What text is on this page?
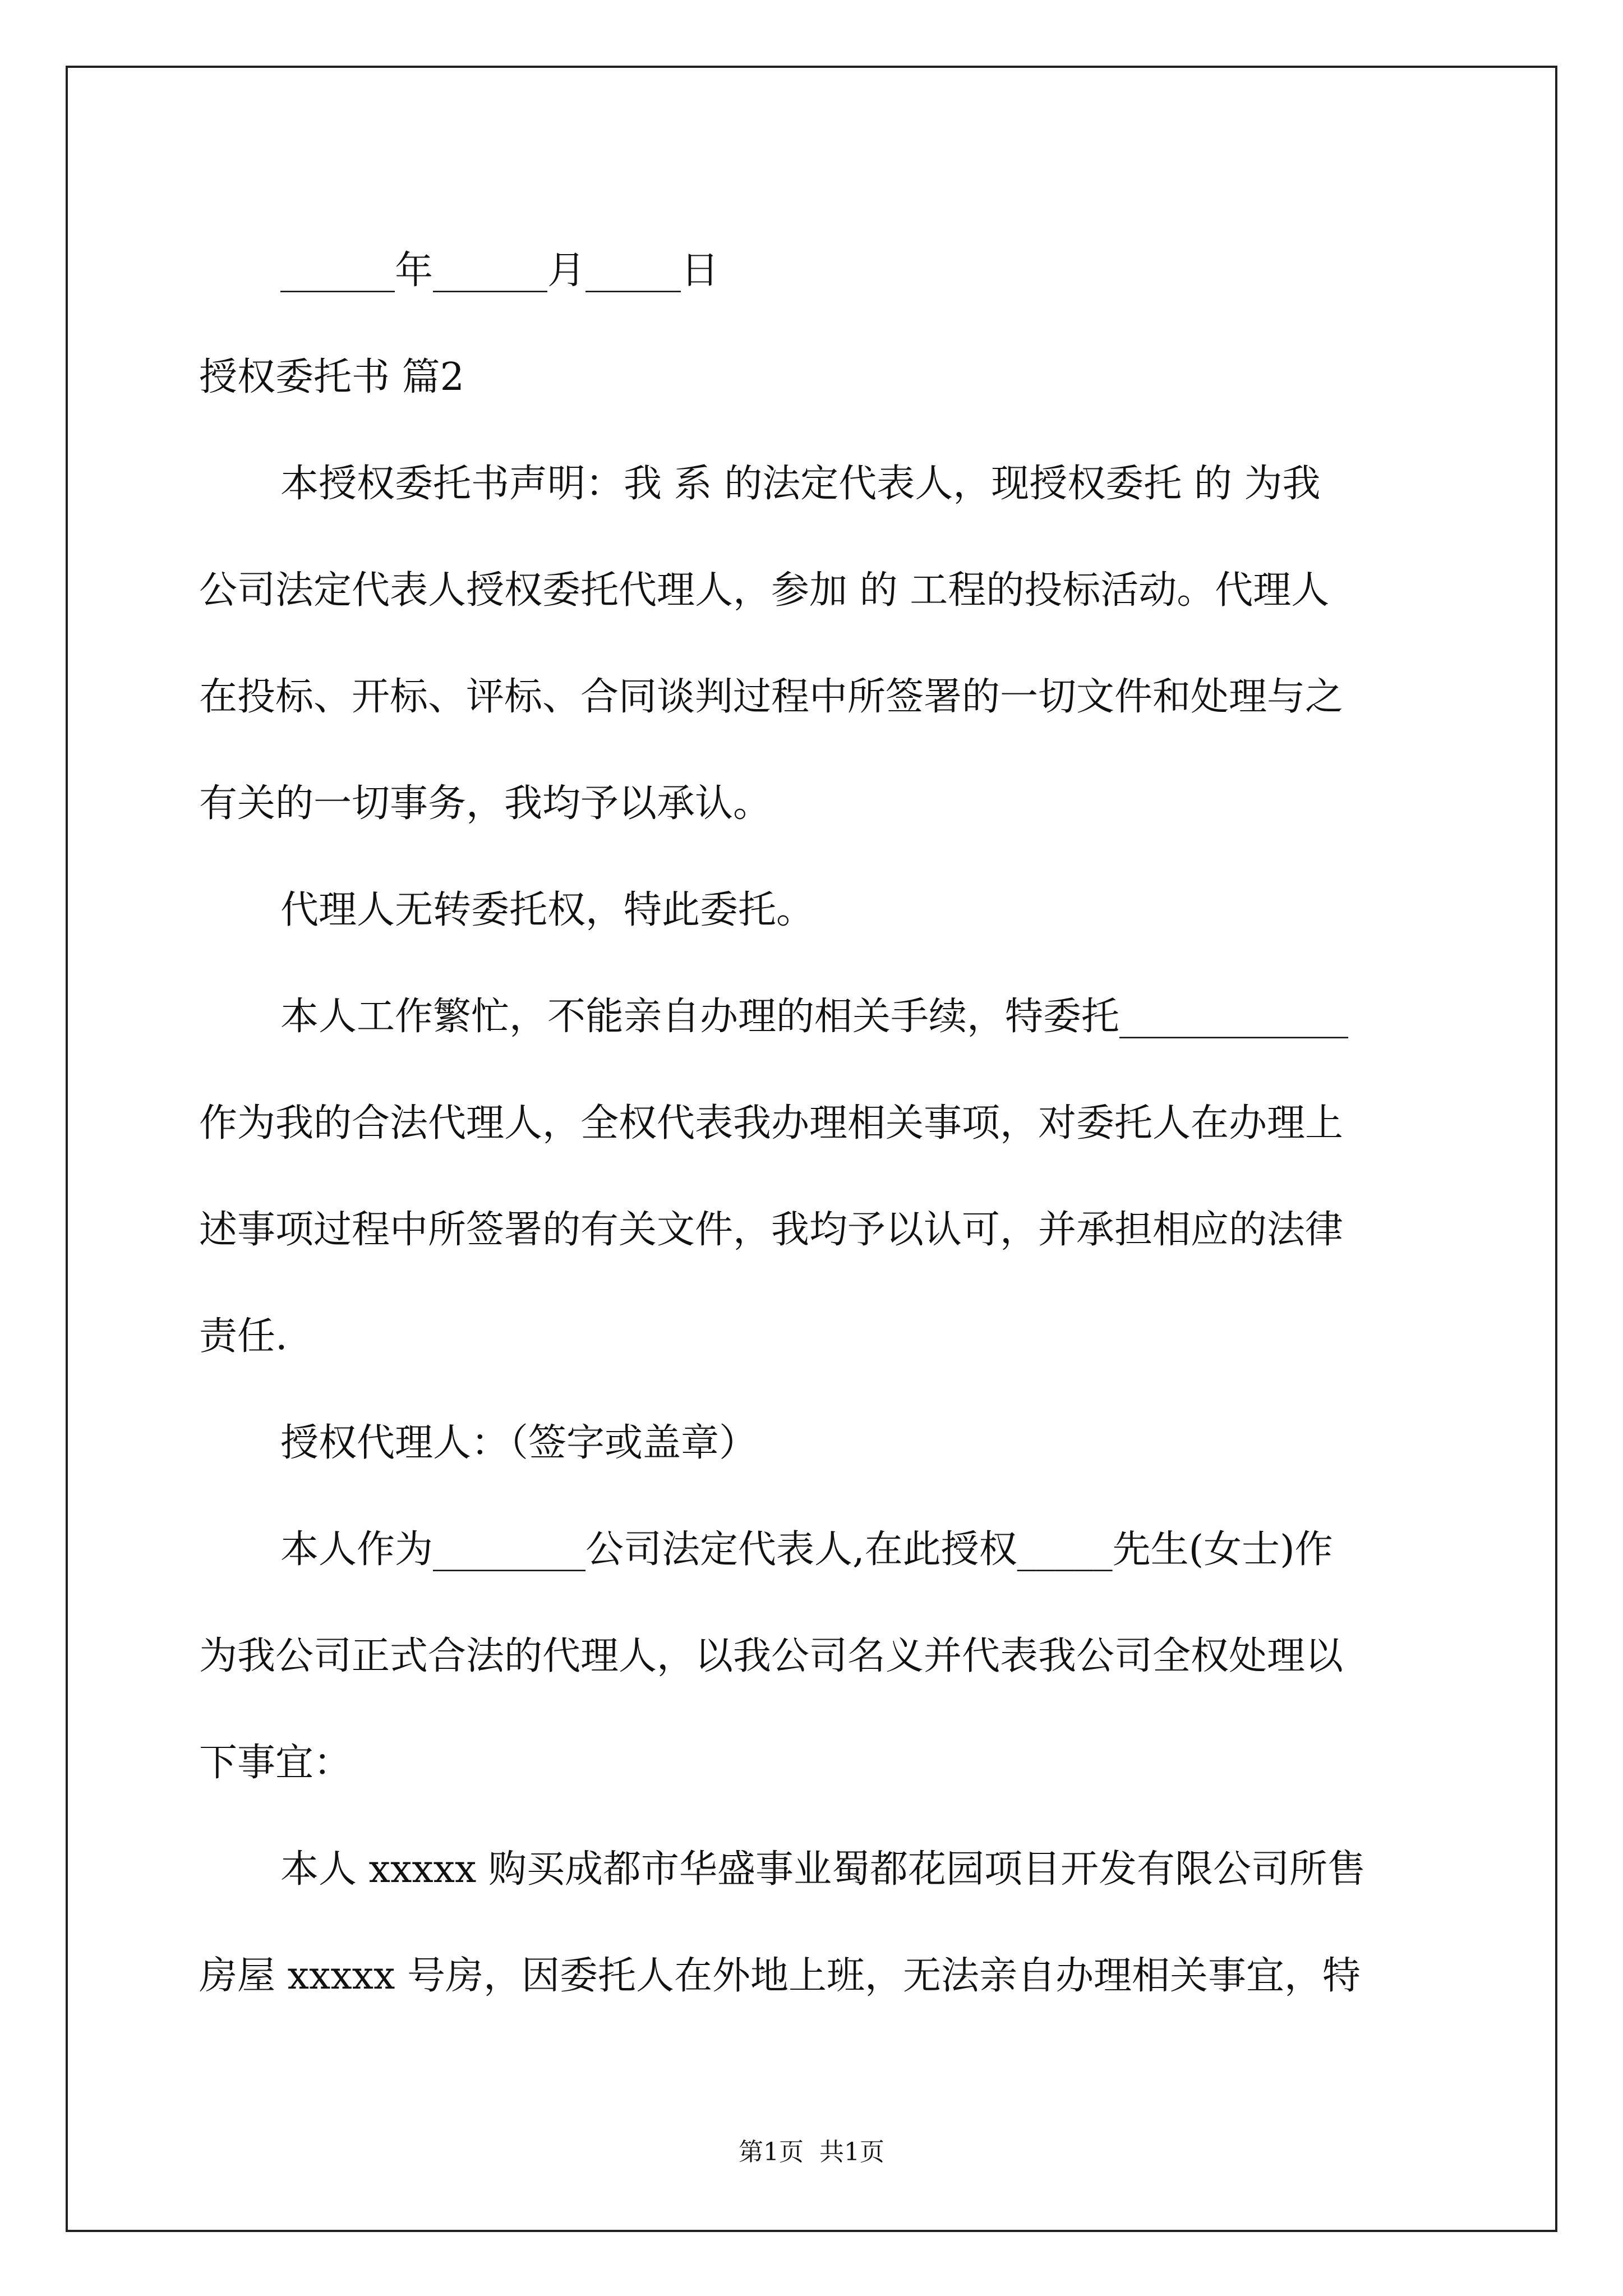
______年______月_____日
授权委托书 篇2
本授权委托书声明：我 系 的法定代表人，现授权委托 的 为我
公司法定代表人授权委托代理人，参加 的 工程的投标活动。代理人
在投标、开标、评标、合同谈判过程中所签署的一切文件和处理与之
有关的一切事务，我均予以承认。
代理人无转委托权，特此委托。
本人工作繁忙，不能亲自办理的相关手续，特委托____________
作为我的合法代理人，全权代表我办理相关事项，对委托人在办理上
述事项过程中所签署的有关文件，我均予以认可，并承担相应的法律
责任.
授权代理人：（签字或盖章）
本人作为________公司法定代表人,在此授权_____先生(女士)作
为我公司正式合法的代理人，以我公司名义并代表我公司全权处理以
下事宜：
本人 xxxxx 购买成都市华盛事业蜀都花园项目开发有限公司所售
房屋 xxxxx 号房，因委托人在外地上班，无法亲自办理相关事宜，特
第1页  共1页
